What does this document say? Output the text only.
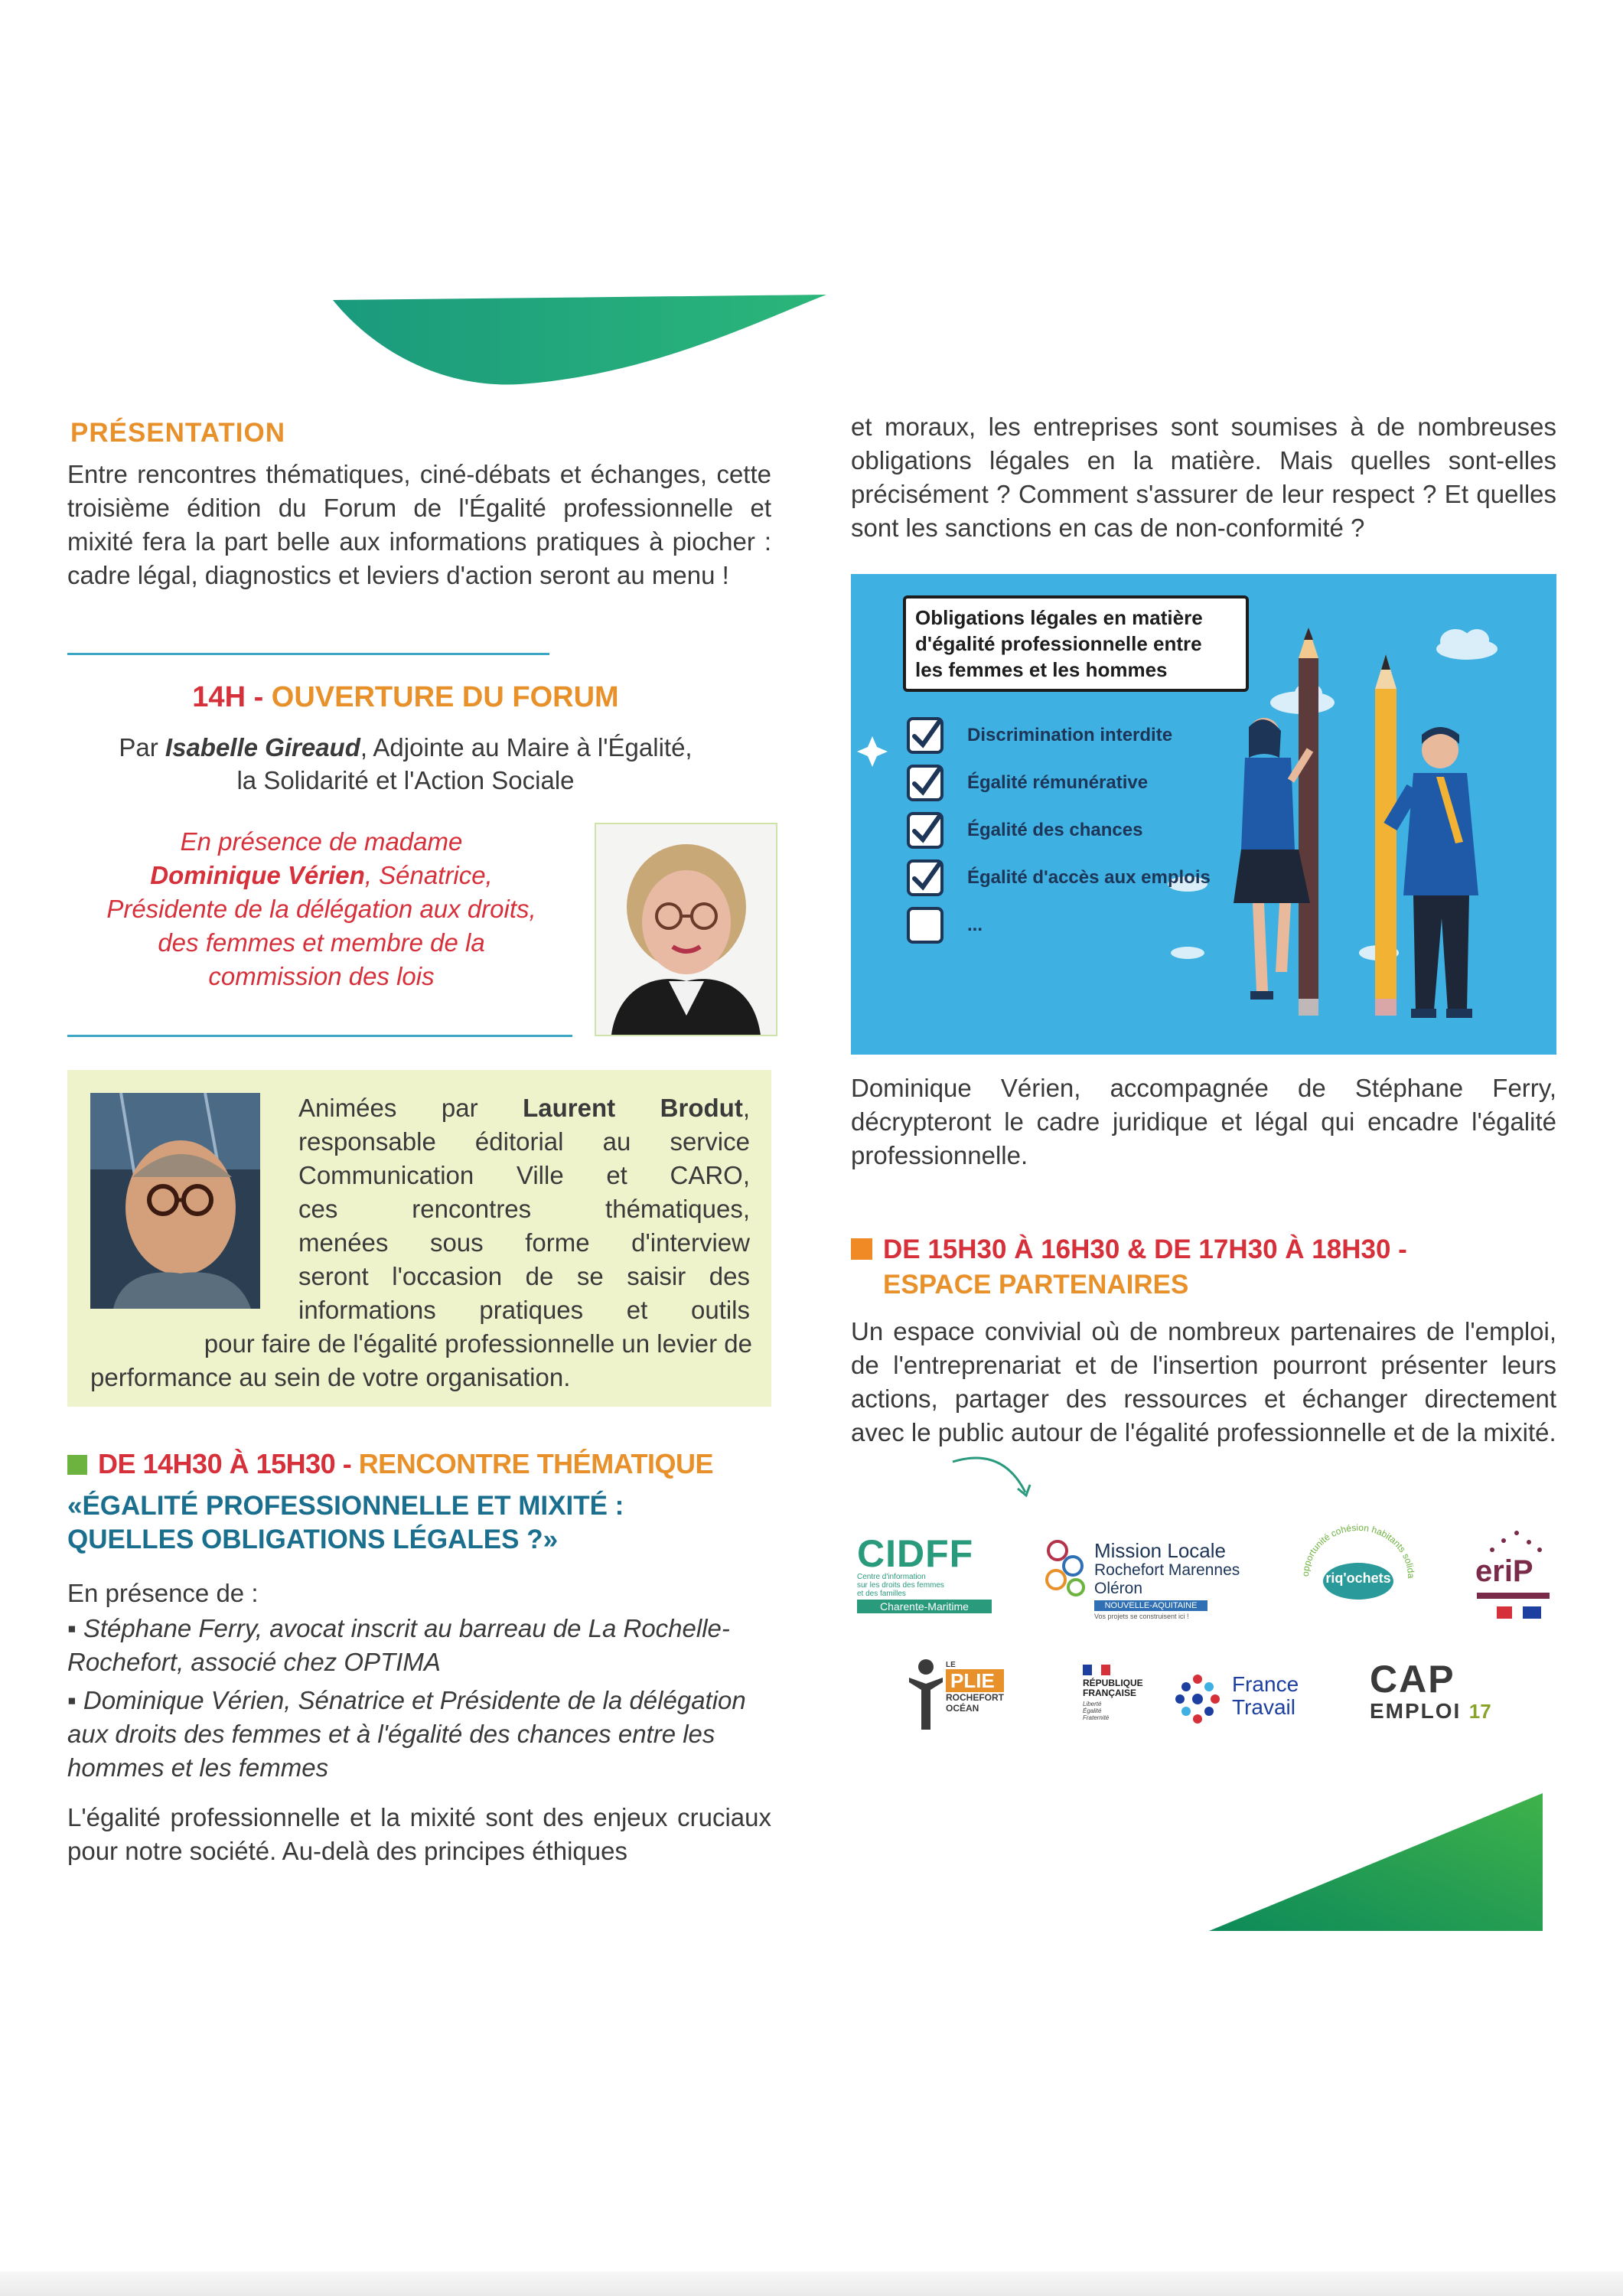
PRÉSENTATION
Entre rencontres thématiques, ciné-débats et échanges, cette troisième édition du Forum de l'Égalité professionnelle et mixité fera la part belle aux informations pratiques à piocher : cadre légal, diagnostics et leviers d'action seront au menu !
14H - OUVERTURE DU FORUM
Par Isabelle Gireaud, Adjointe au Maire à l'Égalité,
la Solidarité et l'Action Sociale
En présence de madame
Dominique Vérien, Sénatrice,
Présidente de la délégation aux droits,
des femmes et membre de la
commission des lois
Animées par Laurent Brodut,
responsable éditorial au service
Communication Ville et CARO,
ces rencontres thématiques,
menées sous forme d'interview
seront l'occasion de se saisir des
informations pratiques et outils
pour faire de l'égalité professionnelle un levier de
performance au sein de votre organisation.
DE 14H30 À 15H30 - RENCONTRE THÉMATIQUE
«ÉGALITÉ PROFESSIONNELLE ET MIXITÉ :
QUELLES OBLIGATIONS LÉGALES ?»
En présence de :
▪ Stéphane Ferry, avocat inscrit au barreau de La Rochelle-Rochefort, associé chez OPTIMA
▪ Dominique Vérien, Sénatrice et Présidente de la délégation aux droits des femmes et à l'égalité des chances entre les hommes et les femmes
L'égalité professionnelle et la mixité sont des enjeux cruciaux pour notre société. Au-delà des principes éthiques
et moraux, les entreprises sont soumises à de nombreuses obligations légales en la matière. Mais quelles sont-elles précisément ? Comment s'assurer de leur respect ? Et quelles sont les sanctions en cas de non-conformité ?
Obligations légales en matière
d'égalité professionnelle entre
les femmes et les hommes
Discrimination interdite
Égalité rémunérative
Égalité des chances
Égalité d'accès aux emplois
...
Dominique Vérien, accompagnée de Stéphane Ferry, décrypteront le cadre juridique et légal qui encadre l'égalité professionnelle.
DE 15H30 À 16H30 & DE 17H30 À 18H30 -
ESPACE PARTENAIRES
Un espace convivial où de nombreux partenaires de l'emploi, de l'entreprenariat et de l'insertion pourront présenter leurs actions, partager des ressources et échanger directement avec le public autour de l'égalité professionnelle et de la mixité.
CIDFF
Centre d'information
sur les droits des femmes
et des familles
Charente-Maritime
Mission Locale
Rochefort Marennes Oléron
NOUVELLE-AQUITAINE
Vos projets se construisent ici !
opportunité cohésion habitants solida
riq'ochets	eriP
LE
PLIE
ROCHEFORT
OCÉAN
RÉPUBLIQUE
FRANÇAISE
Liberté
Égalité
Fraternité
France
Travail
CAP
EMPLOI 17
